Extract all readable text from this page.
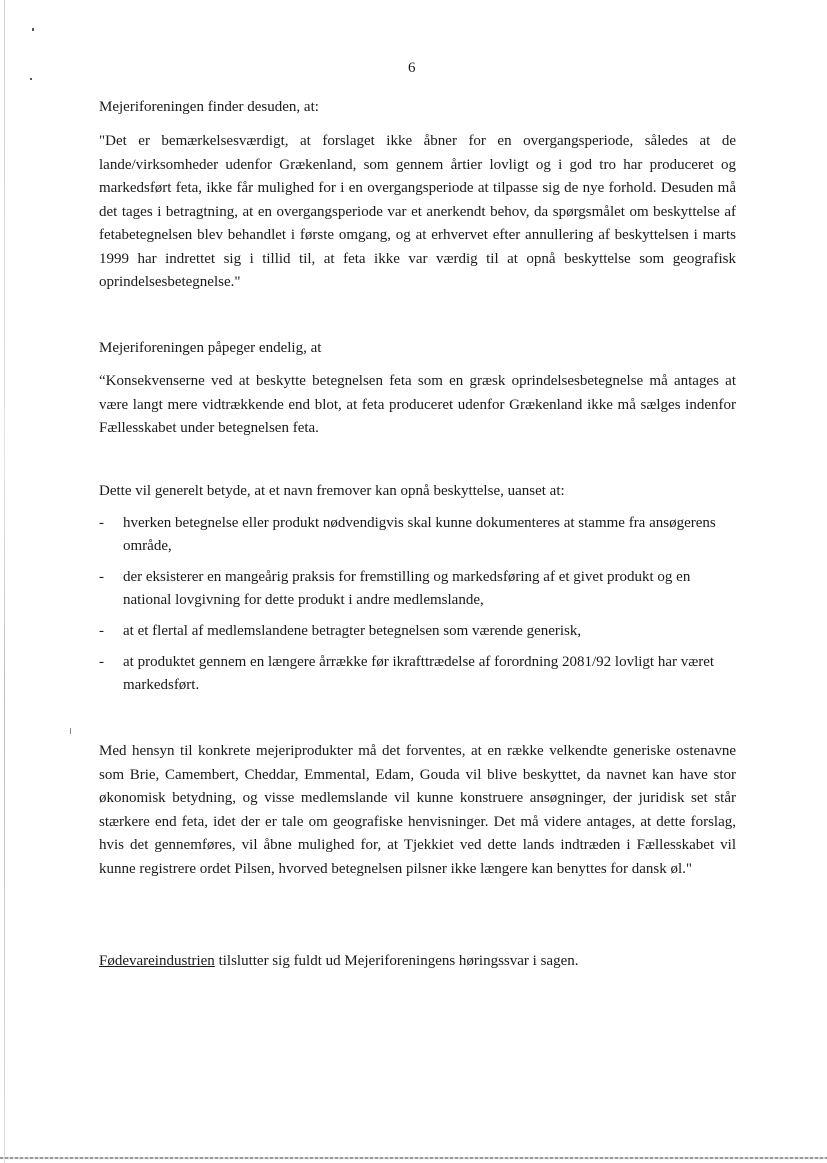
6
Mejeriforeningen finder desuden, at:
"Det er bemærkelsesværdigt, at forslaget ikke åbner for en overgangsperiode, således at de lande/virksomheder udenfor Grækenland, som gennem årtier lovligt og i god tro har produceret og markedsført feta, ikke får mulighed for i en overgangsperiode at tilpasse sig de nye forhold. Desuden må det tages i betragtning, at en overgangsperiode var et anerkendt behov, da spørgsmålet om beskyttelse af fetabetegnelsen blev behandlet i første omgang, og at erhvervet efter annullering af beskyttelsen i marts 1999 har indrettet sig i tillid til, at feta ikke var værdig til at opnå beskyttelse som geografisk oprindelsesbetegnelse."
Mejeriforeningen påpeger endelig, at
“Konsekvenserne ved at beskytte betegnelsen feta som en græsk oprindelsesbetegnelse må antages at være langt mere vidtrækkende end blot, at feta produceret udenfor Grækenland ikke må sælges indenfor Fællesskabet under betegnelsen feta.
Dette vil generelt betyde, at et navn fremover kan opnå beskyttelse, uanset at:
- hverken betegnelse eller produkt nødvendigvis skal kunne dokumenteres at stamme fra ansøgerens område,
- der eksisterer en mangeårig praksis for fremstilling og markedsføring af et givet produkt og en national lovgivning for dette produkt i andre medlemslande,
- at et flertal af medlemslandene betragter betegnelsen som værende generisk,
- at produktet gennem en længere årrække før ikrafttrædelse af forordning 2081/92 lovligt har været markedsført.
Med hensyn til konkrete mejeriprodukter må det forventes, at en række velkendte generiske ostenavne som Brie, Camembert, Cheddar, Emmental, Edam, Gouda vil blive beskyttet, da navnet kan have stor økonomisk betydning, og visse medlemslande vil kunne konstruere ansøgninger, der juridisk set står stærkere end feta, idet der er tale om geografiske henvisninger. Det må videre antages, at dette forslag, hvis det gennemføres, vil åbne mulighed for, at Tjekkiet ved dette lands indtræden i Fællesskabet vil kunne registrere ordet Pilsen, hvorved betegnelsen pilsner ikke længere kan benyttes for dansk øl."
Fødevareindustrien tilslutter sig fuldt ud Mejeriforeningens høringssvar i sagen.
